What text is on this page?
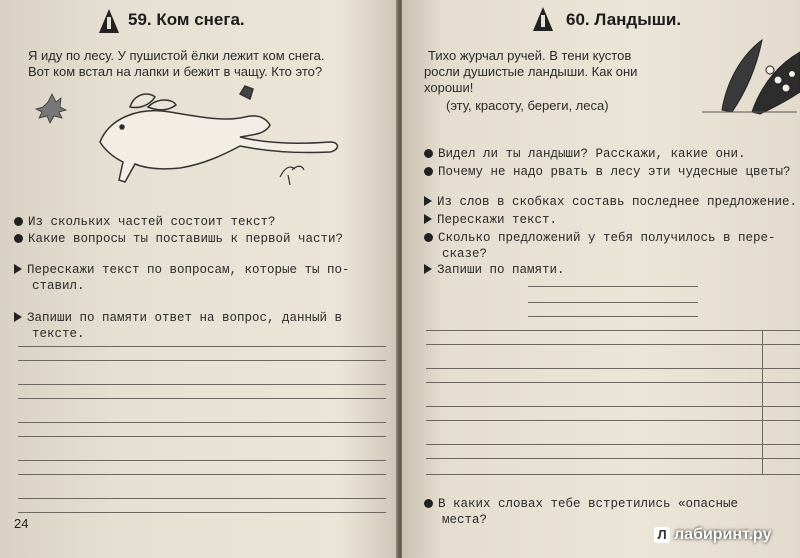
59. Ком снега.
Я иду по лесу. У пушистой ёлки лежит ком снега.
Вот ком встал на лапки и бежит в чащу. Кто это?
Из скольких частей состоит текст?
Какие вопросы ты поставишь к первой части?
Перескажи текст по вопросам, которые ты по-
ставил.
Запиши по памяти ответ на вопрос, данный в
тексте.
24
60. Ландыши.
Тихо журчал ручей. В тени кустов
росли душистые ландыши. Как они
хороши!
(эту, красоту, береги, леса)
Видел ли ты ландыши? Расскажи, какие они.
Почему не надо рвать в лесу эти чудесные цветы?
Из слов в скобках составь последнее предложение.
Перескажи текст.
Сколько предложений у тебя получилось в пере-
сказе?
Запиши по памяти.
В каких словах тебе встретились «опасные
места?
Л лабиринт.ру
